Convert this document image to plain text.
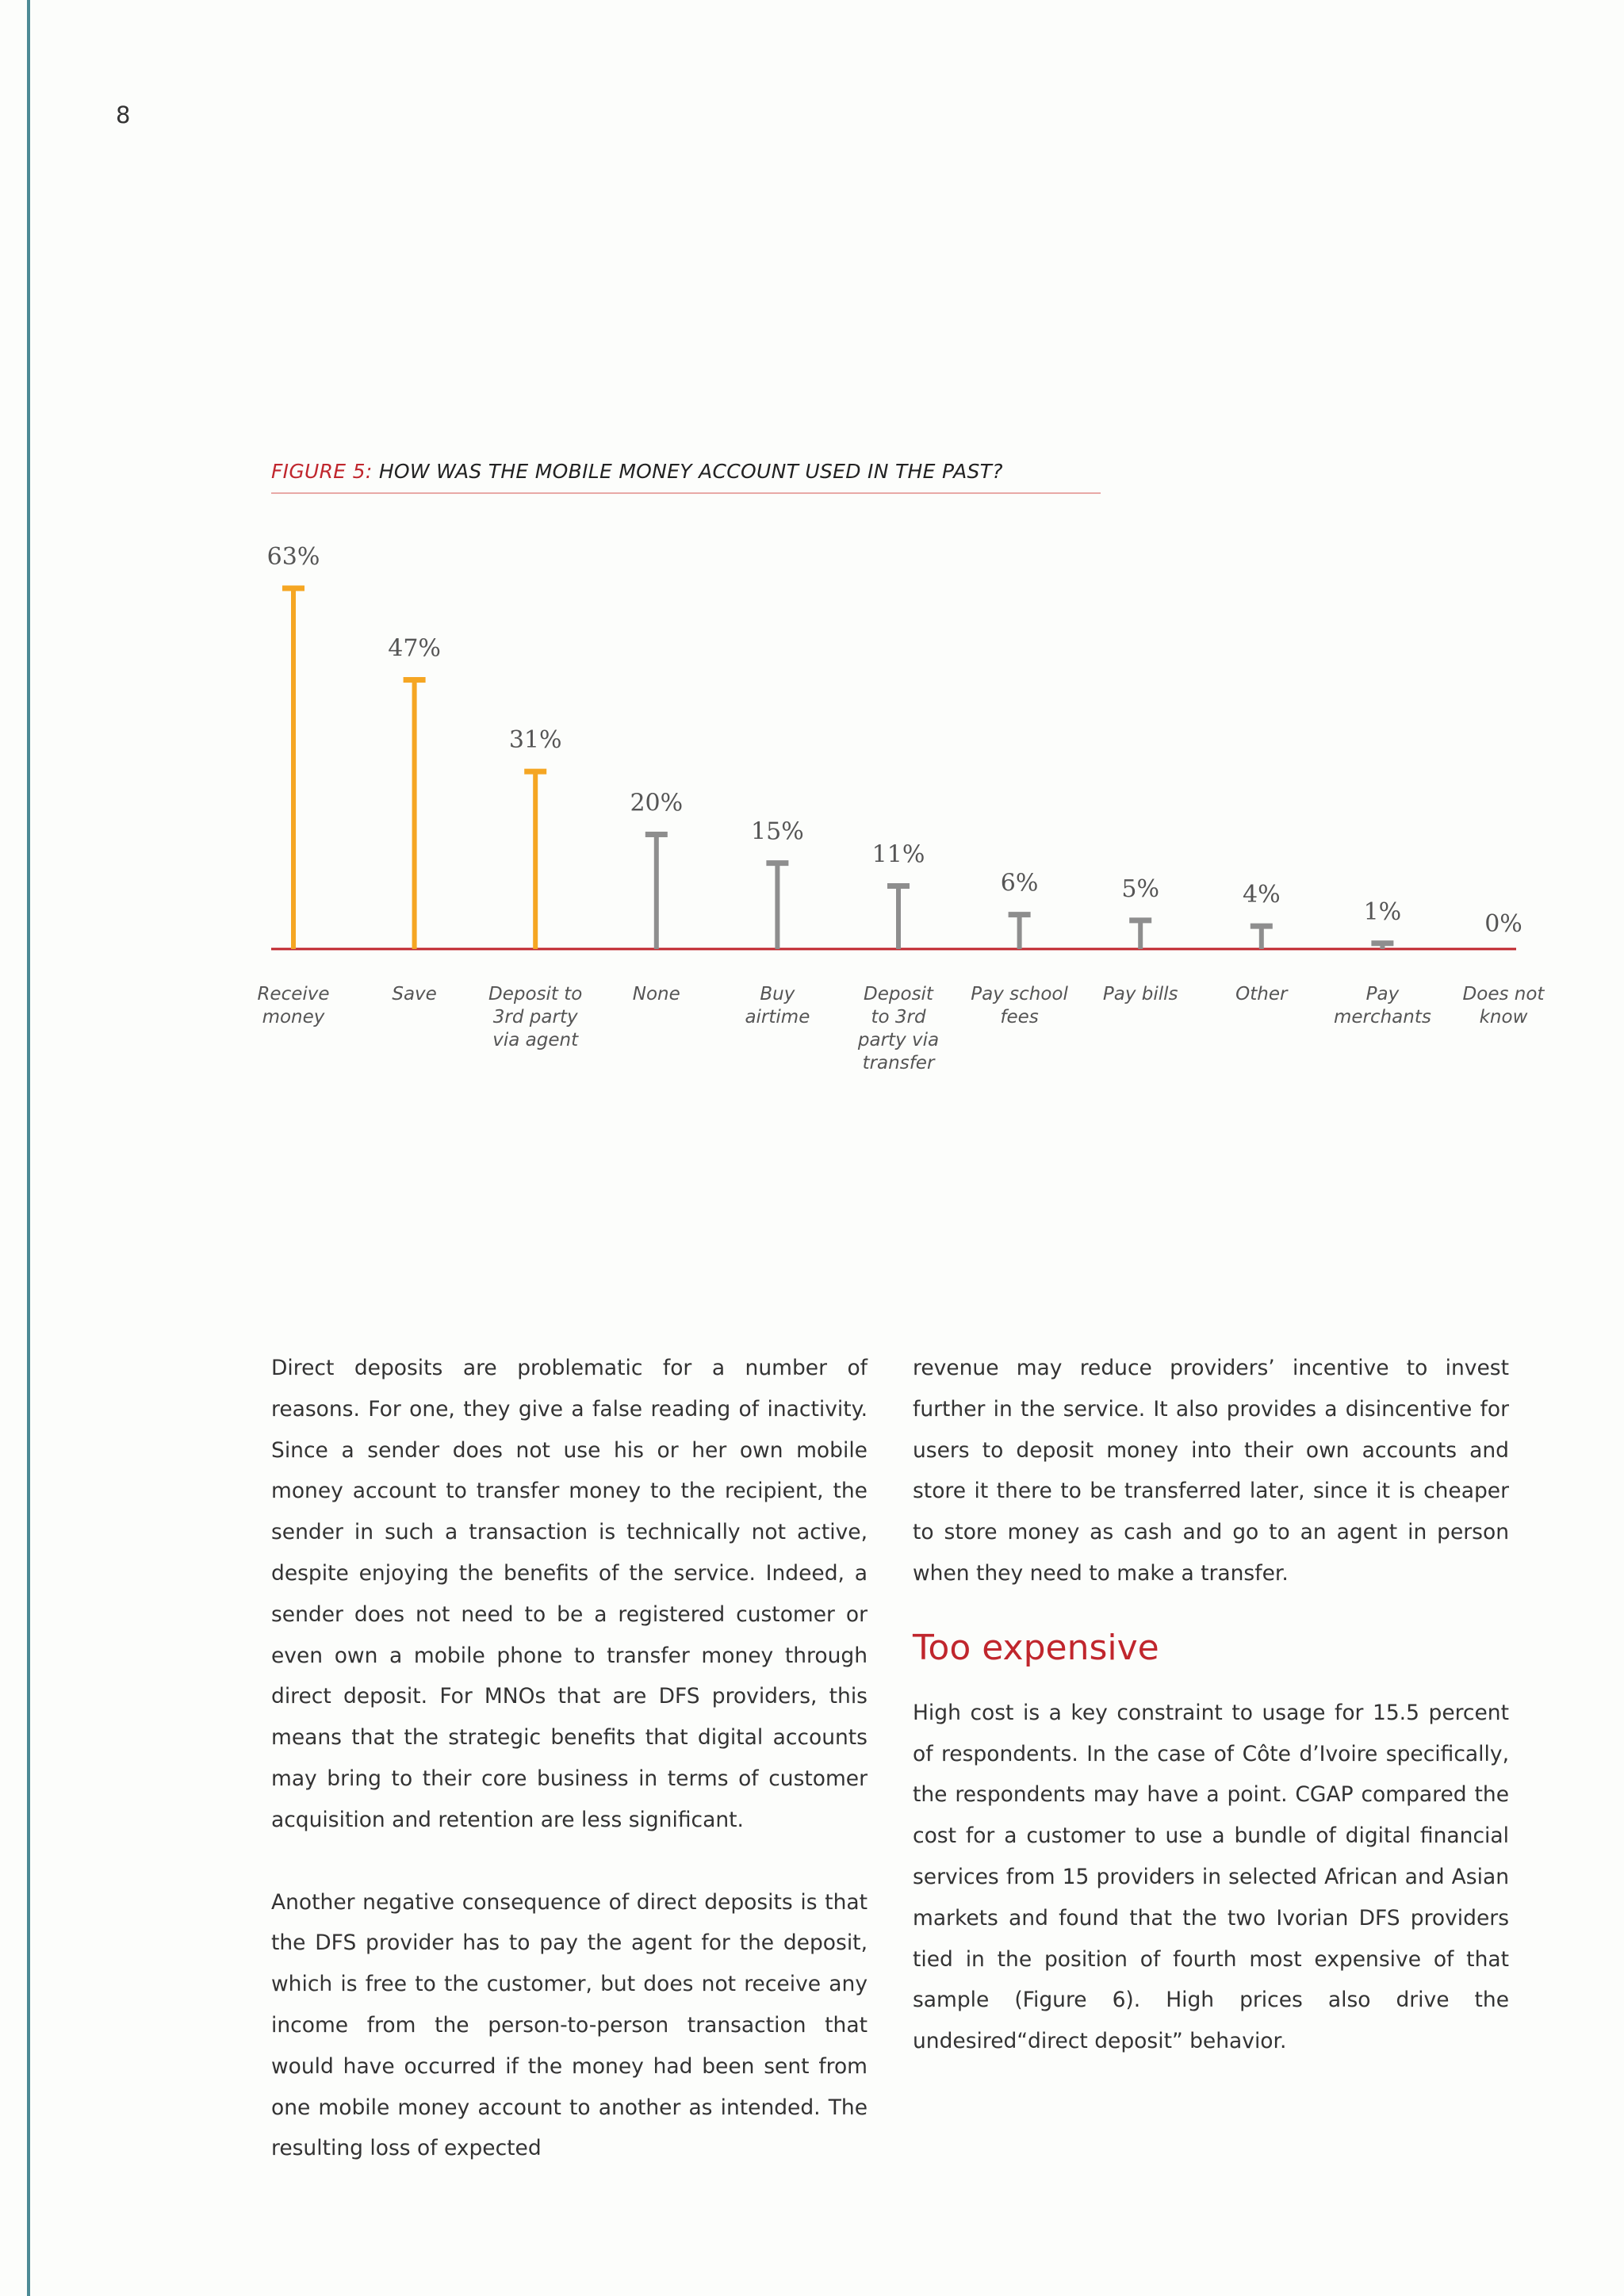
8
FIGURE 5: HOW WAS THE MOBILE MONEY ACCOUNT USED IN THE PAST?
63%
Receive money
47%
Save
31%
Deposit to 3rd party via agent
20%
None
15%
Buy airtime
11%
Deposit to 3rd party via transfer
6%
Pay school fees
5%
Pay bills
4%
Other
1%
Pay merchants
0%
Does not know

Direct deposits are problematic for a number of reasons. For one, they give a false reading of inactivity. Since a sender does not use his or her own mobile money account to transfer money to the recipient, the sender in such a transaction is technically not active, despite enjoying the benefits of the service. Indeed, a sender does not need to be a registered customer or even own a mobile phone to transfer money through direct deposit. For MNOs that are DFS providers, this means that the strategic benefits that digital accounts may bring to their core business in terms of customer acquisition and retention are less significant.

Another negative consequence of direct deposits is that the DFS provider has to pay the agent for the deposit, which is free to the customer, but does not receive any income from the person-to-person transaction that would have occurred if the money had been sent from one mobile money account to another as intended. The resulting loss of expected

revenue may reduce providers’ incentive to invest further in the service. It also provides a disincentive for users to deposit money into their own accounts and store it there to be transferred later, since it is cheaper to store money as cash and go to an agent in person when they need to make a transfer.

Too expensive

High cost is a key constraint to usage for 15.5 percent of respondents. In the case of Côte d’Ivoire specifically, the respondents may have a point. CGAP compared the cost for a customer to use a bundle of digital financial services from 15 providers in selected African and Asian markets and found that the two Ivorian DFS providers tied in the position of fourth most expensive of that sample (Figure 6). High prices also drive the undesired“direct deposit” behavior.
